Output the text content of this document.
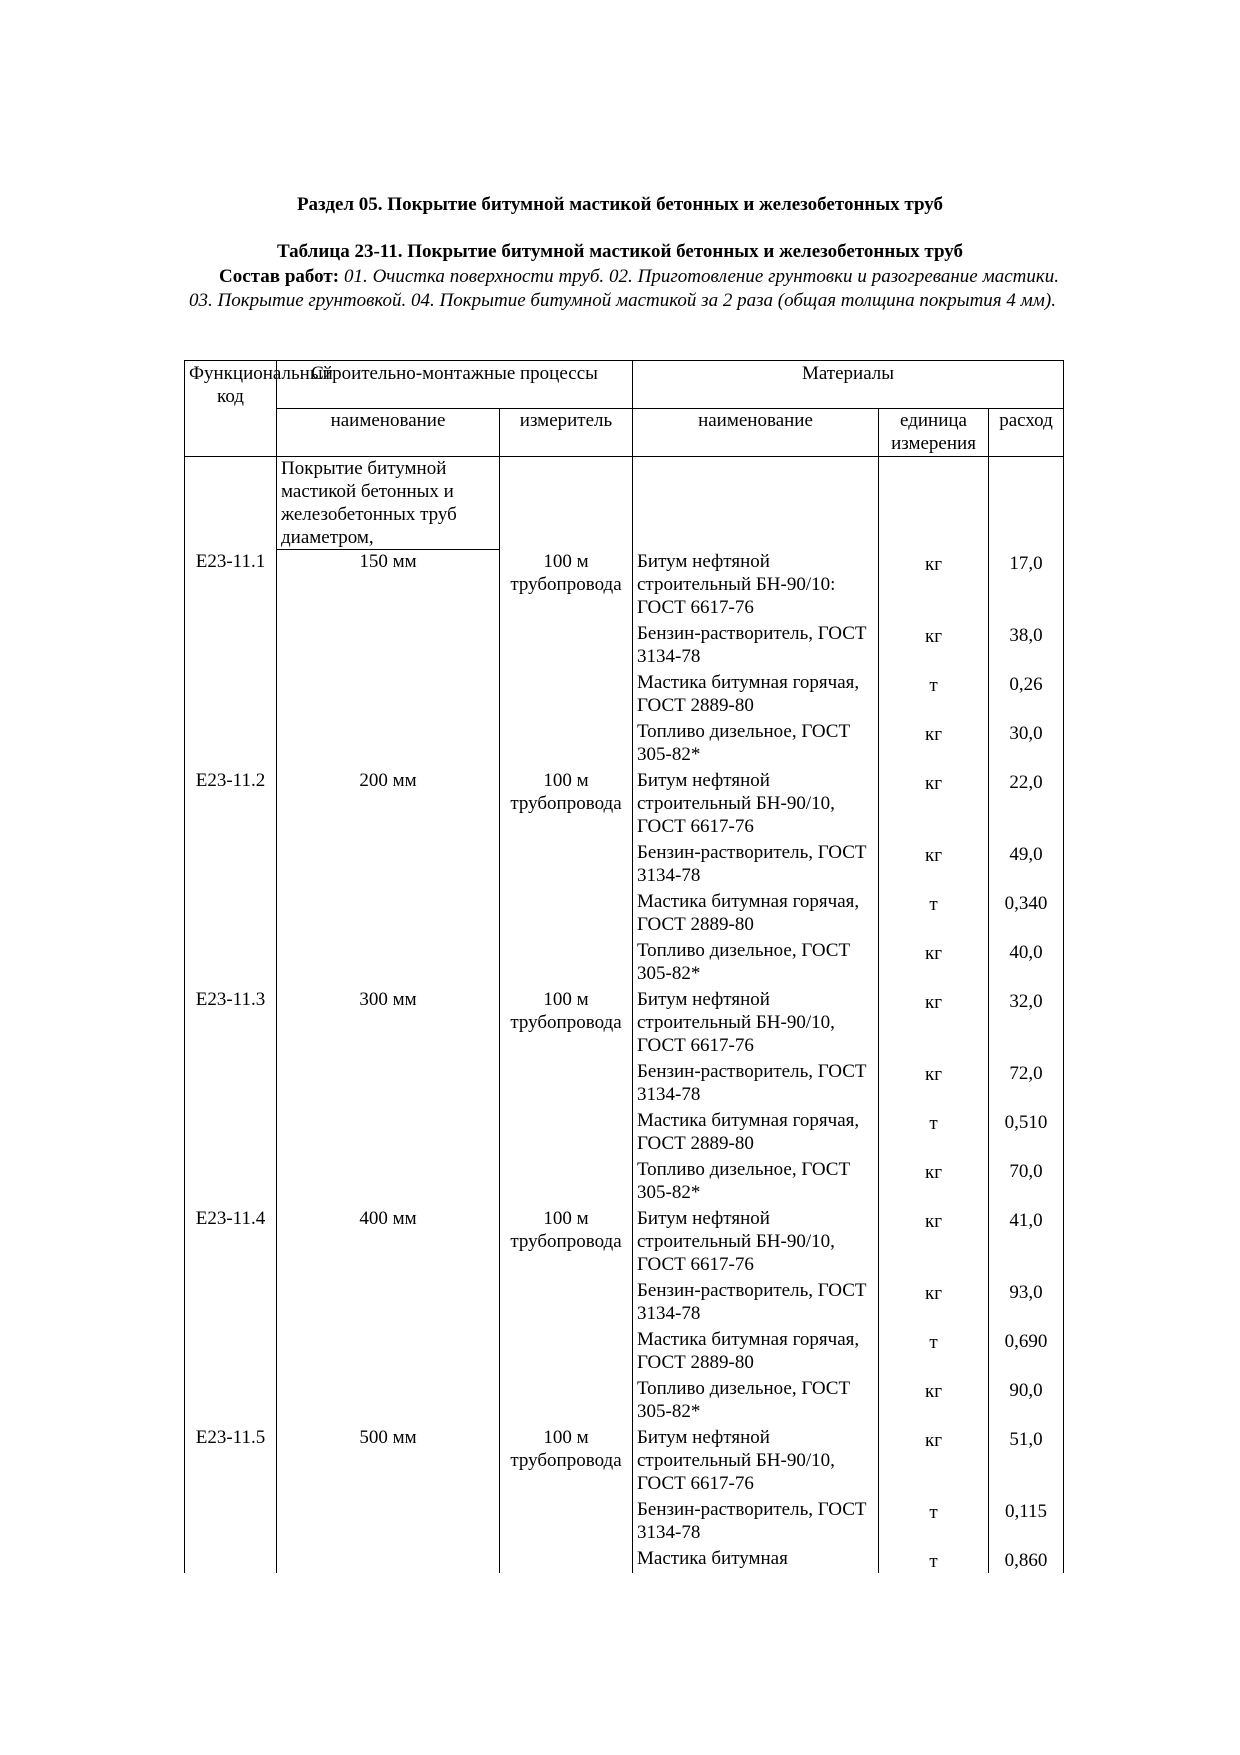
Раздел 05. Покрытие битумной мастикой бетонных и железобетонных труб
Таблица 23-11. Покрытие битумной мастикой бетонных и железобетонных труб
Состав работ: 01. Очистка поверхности труб. 02. Приготовление грунтовки и разогревание мастики. 03. Покрытие грунтовкой. 04. Покрытие битумной мастикой за 2 раза (общая толщина покрытия 4 мм).
Функциональный код	Строительно-монтажные процессы		Материалы		
	наименование	измеритель	наименование	единица измерения	расход
	Покрытие битумной мастикой бетонных и железобетонных труб диаметром,				
Е23-11.1	150 мм	100 м трубопровода	Битум нефтяной строительный БН-90/10: ГОСТ 6617-76	кг	17,0
			Бензин-растворитель, ГОСТ 3134-78	кг	38,0
			Мастика битумная горячая, ГОСТ 2889-80	т	0,26
			Топливо дизельное, ГОСТ 305-82*	кг	30,0
Е23-11.2	200 мм	100 м трубопровода	Битум нефтяной строительный БН-90/10, ГОСТ 6617-76	кг	22,0
			Бензин-растворитель, ГОСТ 3134-78	кг	49,0
			Мастика битумная горячая, ГОСТ 2889-80	т	0,340
			Топливо дизельное, ГОСТ 305-82*	кг	40,0
Е23-11.3	300 мм	100 м трубопровода	Битум нефтяной строительный БН-90/10, ГОСТ 6617-76	кг	32,0
			Бензин-растворитель, ГОСТ 3134-78	кг	72,0
			Мастика битумная горячая, ГОСТ 2889-80	т	0,510
			Топливо дизельное, ГОСТ 305-82*	кг	70,0
Е23-11.4	400 мм	100 м трубопровода	Битум нефтяной строительный БН-90/10, ГОСТ 6617-76	кг	41,0
			Бензин-растворитель, ГОСТ 3134-78	кг	93,0
			Мастика битумная горячая, ГОСТ 2889-80	т	0,690
			Топливо дизельное, ГОСТ 305-82*	кг	90,0
Е23-11.5	500 мм	100 м трубопровода	Битум нефтяной строительный БН-90/10, ГОСТ 6617-76	кг	51,0
			Бензин-растворитель, ГОСТ 3134-78	т	0,115
			Мастика битумная	т	0,860
